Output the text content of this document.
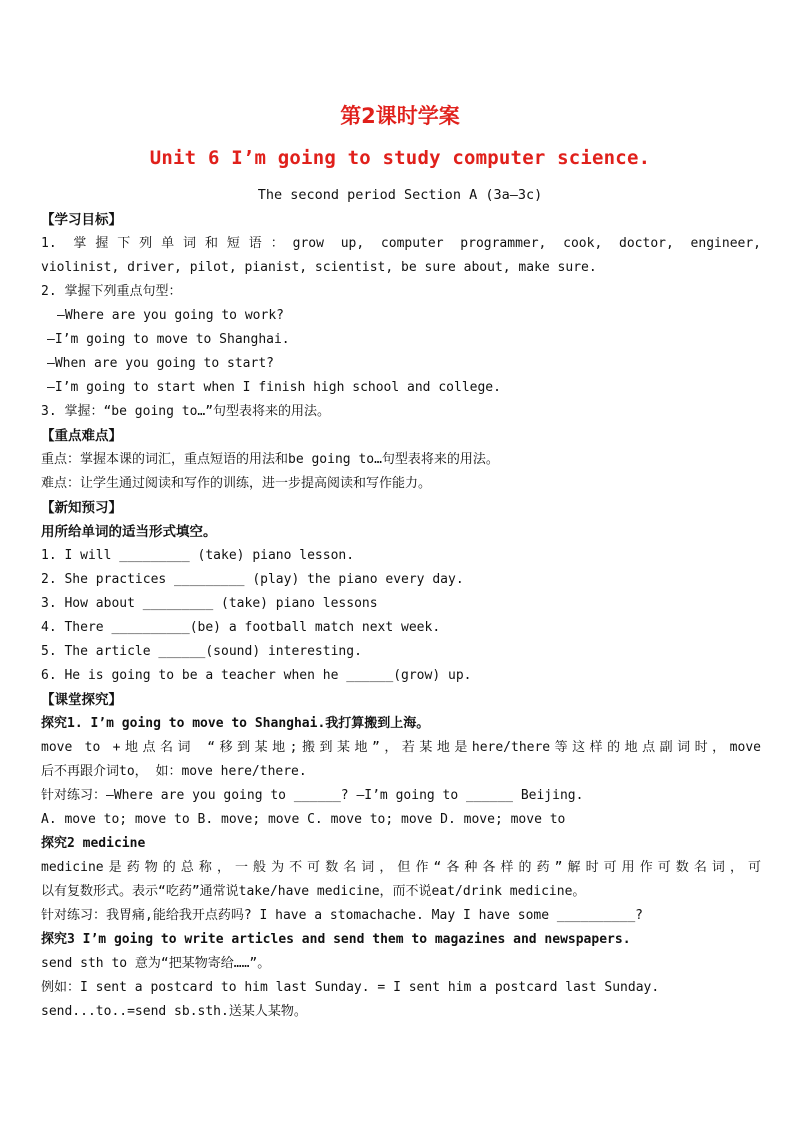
第2课时学案
Unit 6 I’m going to study computer science.
The second period Section A (3a—3c)
【学习目标】
1. 掌握下列单词和短语：grow up, computer programmer, cook, doctor, engineer,
violinist, driver, pilot, pianist, scientist, be sure about, make sure.
2. 掌握下列重点句型：
—Where are you going to work?
—I’m going to move to Shanghai.
—When are you going to start?
—I’m going to start when I finish high school and college.
3. 掌握：“be going to…”句型表将来的用法。
【重点难点】
重点：掌握本课的词汇，重点短语的用法和be going to…句型表将来的用法。
难点：让学生通过阅读和写作的训练，进一步提高阅读和写作能力。
【新知预习】
用所给单词的适当形式填空。
1. I will _________ (take) piano lesson.
2. She practices _________ (play) the piano every day.
3. How about _________ (take) piano lessons
4. There __________(be) a football match next week.
5. The article ______(sound) interesting.
6. He is going to be a teacher when he ______(grow) up.
【课堂探究】
探究1. I’m going to move to Shanghai.我打算搬到上海。
move to +地点名词 “移到某地;搬到某地”，若某地是here/there等这样的地点副词时，move
后不再跟介词to， 如：move here/there.
针对练习：—Where are you going to ______? —I’m going to ______ Beijing.
A. move to; move to B. move; move C. move to; move D. move; move to
探究2 medicine
medicine是药物的总称，一般为不可数名词，但作“各种各样的药”解时可用作可数名词，可
以有复数形式。表示“吃药”通常说take/have medicine，而不说eat/drink medicine。
针对练习：我胃痛,能给我开点药吗? I have a stomachache. May I have some __________?
探究3 I’m going to write articles and send them to magazines and newspapers.
send sth to 意为“把某物寄给……”。
例如：I sent a postcard to him last Sunday. = I sent him a postcard last Sunday.
send...to..=send sb.sth.送某人某物。
